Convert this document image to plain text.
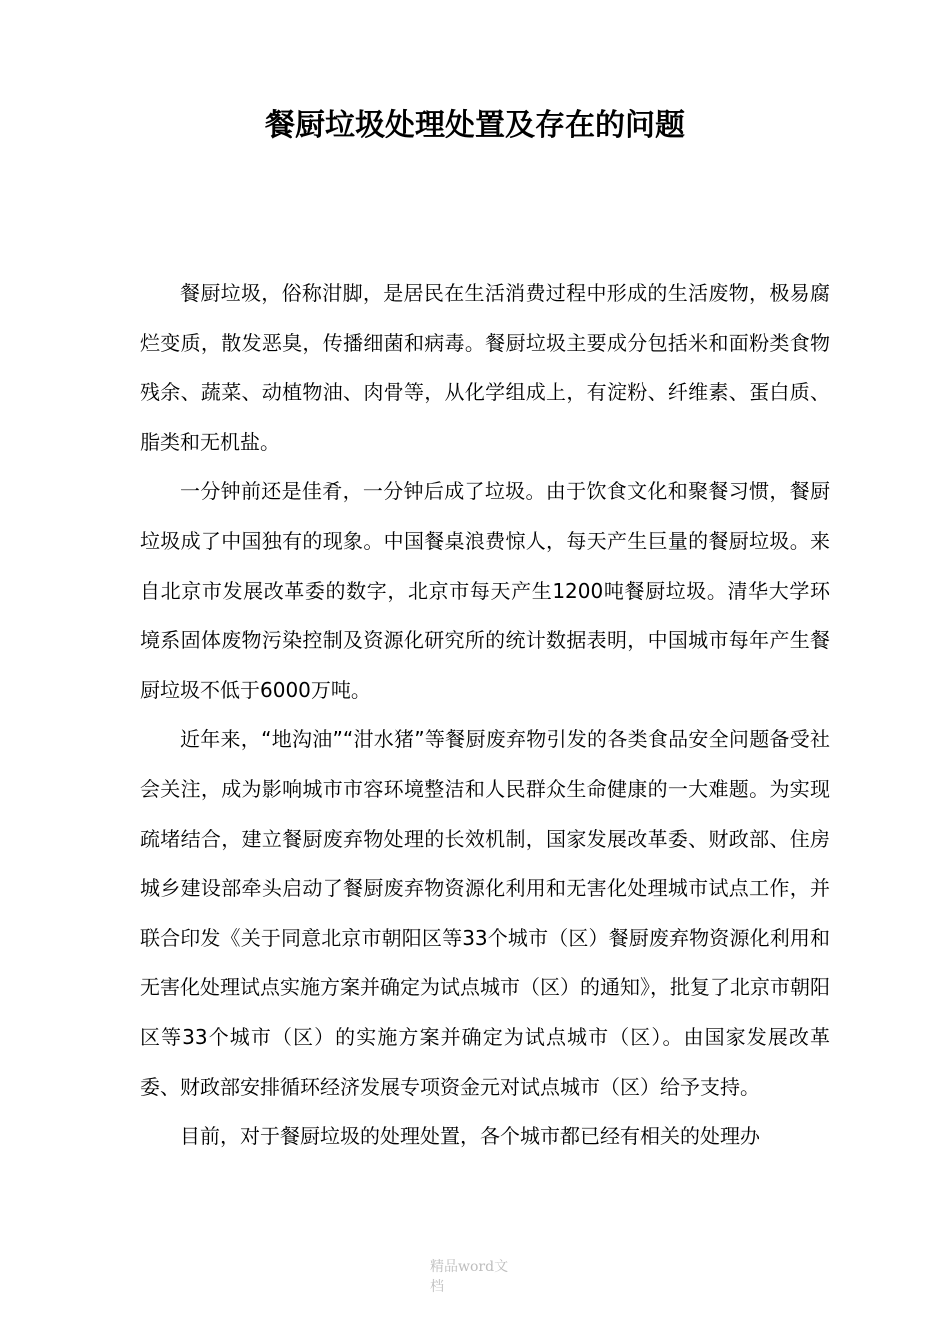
餐厨垃圾处理处置及存在的问题

餐厨垃圾，俗称泔脚，是居民在生活消费过程中形成的生活废物，极易腐烂变质，散发恶臭，传播细菌和病毒。餐厨垃圾主要成分包括米和面粉类食物残余、蔬菜、动植物油、肉骨等，从化学组成上，有淀粉、纤维素、蛋白质、脂类和无机盐。

一分钟前还是佳肴，一分钟后成了垃圾。由于饮食文化和聚餐习惯，餐厨垃圾成了中国独有的现象。中国餐桌浪费惊人，每天产生巨量的餐厨垃圾。来自北京市发展改革委的数字，北京市每天产生1200吨餐厨垃圾。清华大学环境系固体废物污染控制及资源化研究所的统计数据表明，中国城市每年产生餐厨垃圾不低于6000万吨。

近年来，“地沟油”“泔水猪”等餐厨废弃物引发的各类食品安全问题备受社会关注，成为影响城市市容环境整洁和人民群众生命健康的一大难题。为实现疏堵结合，建立餐厨废弃物处理的长效机制，国家发展改革委、财政部、住房城乡建设部牵头启动了餐厨废弃物资源化利用和无害化处理城市试点工作，并联合印发《关于同意北京市朝阳区等33个城市（区）餐厨废弃物资源化利用和无害化处理试点实施方案并确定为试点城市（区）的通知》，批复了北京市朝阳区等33个城市（区）的实施方案并确定为试点城市（区）。由国家发展改革委、财政部安排循环经济发展专项资金元对试点城市（区）给予支持。

目前，对于餐厨垃圾的处理处置，各个城市都已经有相关的处理办

精品word文档
